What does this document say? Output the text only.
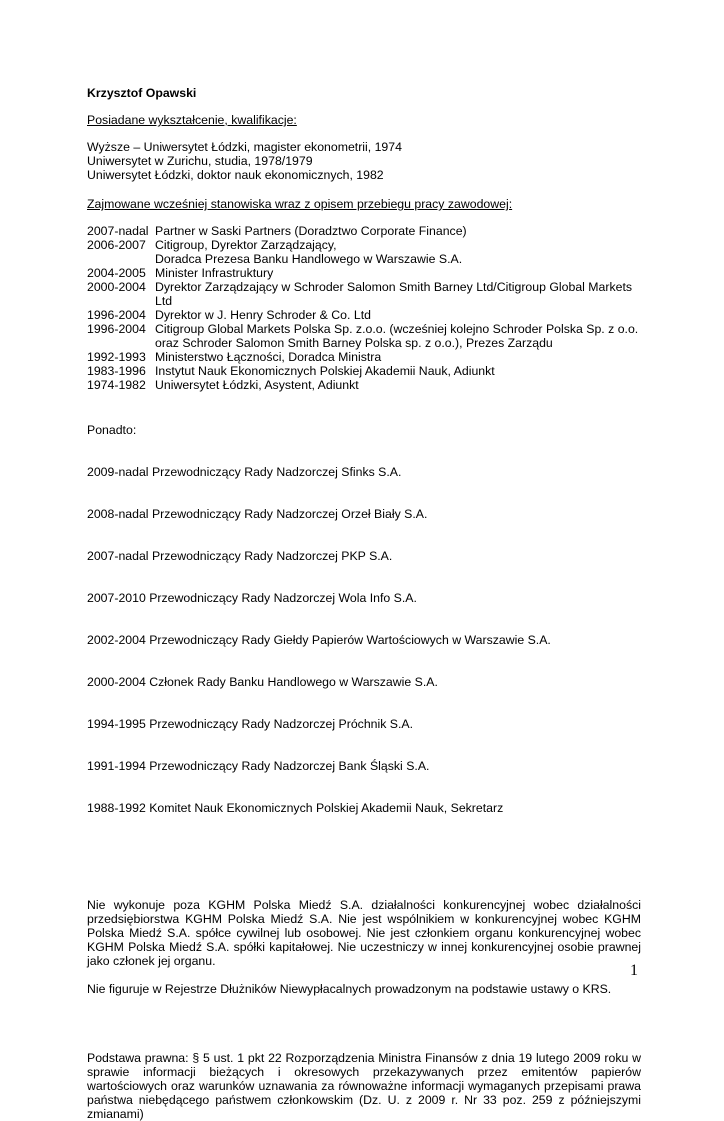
Krzysztof Opawski
Posiadane wykształcenie, kwalifikacje:
Wyższe – Uniwersytet Łódzki, magister ekonometrii, 1974
Uniwersytet w Zurichu, studia, 1978/1979
Uniwersytet Łódzki, doktor nauk ekonomicznych, 1982
Zajmowane wcześniej stanowiska wraz z opisem przebiegu pracy zawodowej:
2007-nadal Partner w Saski Partners (Doradztwo Corporate Finance)
2006-2007 Citigroup, Dyrektor Zarządzający,
Doradca Prezesa Banku Handlowego w Warszawie S.A.
2004-2005 Minister Infrastruktury
2000-2004 Dyrektor Zarządzający w Schroder Salomon Smith Barney Ltd/Citigroup Global Markets Ltd
1996-2004 Dyrektor w J. Henry Schroder & Co. Ltd
1996-2004 Citigroup Global Markets Polska Sp. z.o.o. (wcześniej kolejno Schroder Polska Sp. z o.o. oraz Schroder Salomon Smith Barney Polska sp. z o.o.), Prezes Zarządu
1992-1993 Ministerstwo Łączności, Doradca Ministra
1983-1996 Instytut Nauk Ekonomicznych Polskiej Akademii Nauk, Adiunkt
1974-1982 Uniwersytet Łódzki, Asystent, Adiunkt
Ponadto:

2009-nadal Przewodniczący Rady Nadzorczej Sfinks S.A.

2008-nadal Przewodniczący Rady Nadzorczej Orzeł Biały S.A.

2007-nadal Przewodniczący Rady Nadzorczej PKP S.A.

2007-2010 Przewodniczący Rady Nadzorczej Wola Info S.A.

2002-2004 Przewodniczący Rady Giełdy Papierów Wartościowych w Warszawie S.A.

2000-2004 Członek Rady Banku Handlowego w Warszawie S.A.

1994-1995 Przewodniczący Rady Nadzorczej Próchnik S.A.

1991-1994 Przewodniczący Rady Nadzorczej Bank Śląski S.A.

1988-1992 Komitet Nauk Ekonomicznych Polskiej Akademii Nauk, Sekretarz

Nie wykonuje poza KGHM Polska Miedź S.A. działalności konkurencyjnej wobec działalności przedsiębiorstwa KGHM Polska Miedź S.A. Nie jest wspólnikiem w konkurencyjnej wobec KGHM Polska Miedź S.A. spółce cywilnej lub osobowej. Nie jest członkiem organu konkurencyjnej wobec KGHM Polska Miedź S.A. spółki kapitałowej. Nie uczestniczy w innej konkurencyjnej osobie prawnej jako członek jej organu.

Nie figuruje w Rejestrze Dłużników Niewypłacalnych prowadzonym na podstawie ustawy o KRS.

Podstawa prawna: § 5 ust. 1 pkt 22 Rozporządzenia Ministra Finansów z dnia 19 lutego 2009 roku w sprawie informacji bieżących i okresowych przekazywanych przez emitentów papierów wartościowych oraz warunków uznawania za równoważne informacji wymaganych przepisami prawa państwa niebędącego państwem członkowskim (Dz. U. z 2009 r. Nr 33 poz. 259 z późniejszymi zmianami)

1
